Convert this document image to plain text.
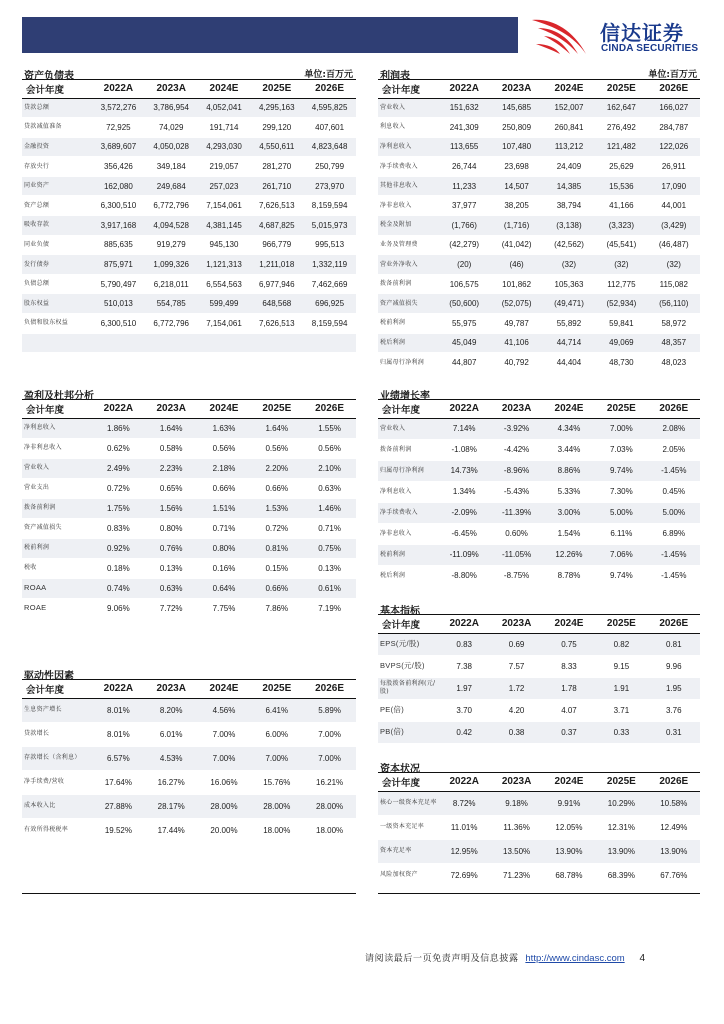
信达证券
CINDA SECURITIES
资产负债表	单位:百万元
会计年度	2022A	2023A	2024E	2025E	2026E
贷款总额	3,572,276	3,786,954	4,052,041	4,295,163	4,595,825
贷款减值准备	72,925	74,029	191,714	299,120	407,601
金融投资	3,689,607	4,050,028	4,293,030	4,550,611	4,823,648
存放央行	356,426	349,184	219,057	281,270	250,799
同业资产	162,080	249,684	257,023	261,710	273,970
资产总额	6,300,510	6,772,796	7,154,061	7,626,513	8,159,594
吸收存款	3,917,168	4,094,528	4,381,145	4,687,825	5,015,973
同业负债	885,635	919,279	945,130	966,779	995,513
发行债券	875,971	1,099,326	1,121,313	1,211,018	1,332,119
负债总额	5,790,497	6,218,011	6,554,563	6,977,946	7,462,669
股东权益	510,013	554,785	599,499	648,568	696,925
负债和股东权益	6,300,510	6,772,796	7,154,061	7,626,513	8,159,594

利润表	单位:百万元
会计年度	2022A	2023A	2024E	2025E	2026E
营业收入	151,632	145,685	152,007	162,647	166,027
利息收入	241,309	250,809	260,841	276,492	284,787
净利息收入	113,655	107,480	113,212	121,482	122,026
净手续费收入	26,744	23,698	24,409	25,629	26,911
其他非息收入	11,233	14,507	14,385	15,536	17,090
净非息收入	37,977	38,205	38,794	41,166	44,001
税金及附加	(1,766)	(1,716)	(3,138)	(3,323)	(3,429)
业务及管理费	(42,279)	(41,042)	(42,562)	(45,541)	(46,487)
营业外净收入	(20)	(46)	(32)	(32)	(32)
拨备前利润	106,575	101,862	105,363	112,775	115,082
资产减值损失	(50,600)	(52,075)	(49,471)	(52,934)	(56,110)
税前利润	55,975	49,787	55,892	59,841	58,972
税后利润	45,049	41,106	44,714	49,069	48,357
归属母行净利润	44,807	40,792	44,404	48,730	48,023
盈利及杜邦分析
会计年度	2022A	2023A	2024E	2025E	2026E
净利息收入	1.86%	1.64%	1.63%	1.64%	1.55%
净非利息收入	0.62%	0.58%	0.56%	0.56%	0.56%
营业收入	2.49%	2.23%	2.18%	2.20%	2.10%
营业支出	0.72%	0.65%	0.66%	0.66%	0.63%
拨备前利润	1.75%	1.56%	1.51%	1.53%	1.46%
资产减值损失	0.83%	0.80%	0.71%	0.72%	0.71%
税前利润	0.92%	0.76%	0.80%	0.81%	0.75%
税收	0.18%	0.13%	0.16%	0.15%	0.13%
ROAA	0.74%	0.63%	0.64%	0.66%	0.61%
ROAE	9.06%	7.72%	7.75%	7.86%	7.19%
业绩增长率
会计年度	2022A	2023A	2024E	2025E	2026E
营业收入	7.14%	-3.92%	4.34%	7.00%	2.08%
拨备前利润	-1.08%	-4.42%	3.44%	7.03%	2.05%
归属母行净利润	14.73%	-8.96%	8.86%	9.74%	-1.45%
净利息收入	1.34%	-5.43%	5.33%	7.30%	0.45%
净手续费收入	-2.09%	-11.39%	3.00%	5.00%	5.00%
净非息收入	-6.45%	0.60%	1.54%	6.11%	6.89%
税前利润	-11.09%	-11.05%	12.26%	7.06%	-1.45%
税后利润	-8.80%	-8.75%	8.78%	9.74%	-1.45%
基本指标
会计年度	2022A	2023A	2024E	2025E	2026E
EPS(元/股)	0.83	0.69	0.75	0.82	0.81
BVPS(元/股)	7.38	7.57	8.33	9.15	9.96
每股拨备前利润(元/股)	1.97	1.72	1.78	1.91	1.95
PE(倍)	3.70	4.20	4.07	3.71	3.76
PB(倍)	0.42	0.38	0.37	0.33	0.31
驱动性因素
会计年度	2022A	2023A	2024E	2025E	2026E
生息资产增长	8.01%	8.20%	4.56%	6.41%	5.89%
贷款增长	8.01%	6.01%	7.00%	6.00%	7.00%
存款增长（含利息）	6.57%	4.53%	7.00%	7.00%	7.00%
净手续费/营收	17.64%	16.27%	16.06%	15.76%	16.21%
成本收入比	27.88%	28.17%	28.00%	28.00%	28.00%
有效所得税税率	19.52%	17.44%	20.00%	18.00%	18.00%
资本状况
会计年度	2022A	2023A	2024E	2025E	2026E
核心一级资本充足率	8.72%	9.18%	9.91%	10.29%	10.58%
一级资本充足率	11.01%	11.36%	12.05%	12.31%	12.49%
资本充足率	12.95%	13.50%	13.90%	13.90%	13.90%
风险加权资产	72.69%	71.23%	68.78%	68.39%	67.76%
请阅读最后一页免责声明及信息披露 http://www.cindasc.com 4
